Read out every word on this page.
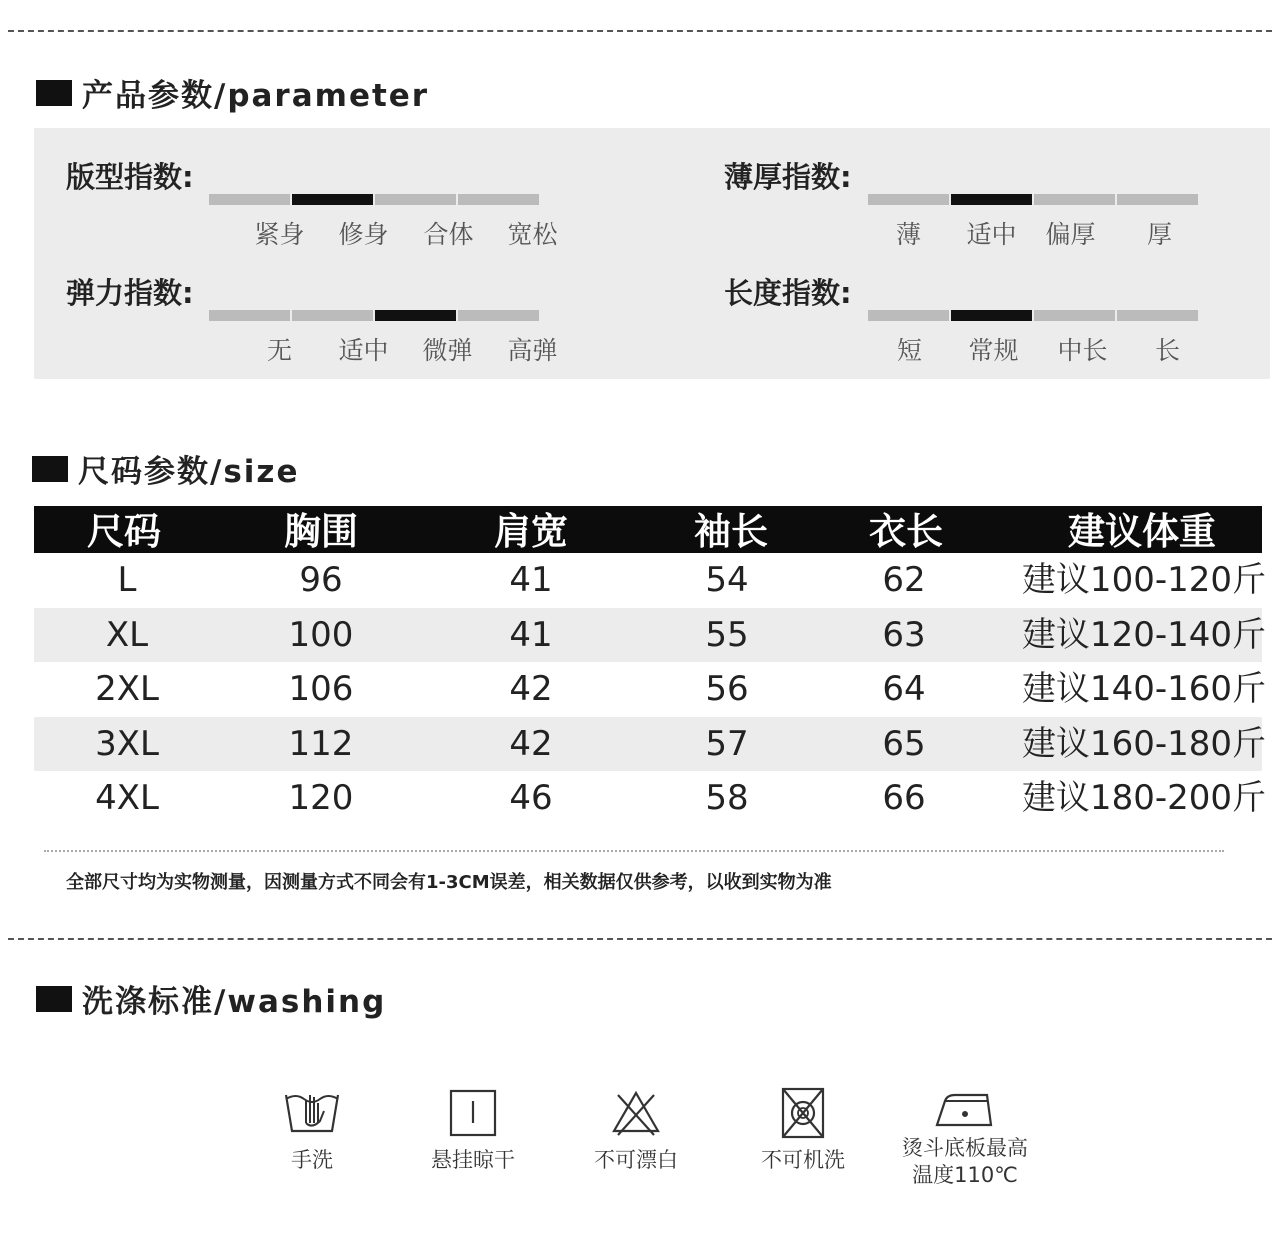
产品参数/parameter
版型指数:
紧身	修身	合体	宽松
薄厚指数:
薄	适中	偏厚	厚
弹力指数:
无	适中	微弹	高弹
长度指数:
短	常规	中长	长
尺码参数/size
尺码	胸围	肩宽	袖长	衣长	建议体重
L	96	41	54	62	建议100-120斤
XL	100	41	55	63	建议120-140斤
2XL	106	42	56	64	建议140-160斤
3XL	112	42	57	65	建议160-180斤
4XL	120	46	58	66	建议180-200斤
全部尺寸均为实物测量，因测量方式不同会有1-3CM误差，相关数据仅供参考，以收到实物为准
洗涤标准/washing
手洗	悬挂晾干	不可漂白	不可机洗	烫斗底板最高
温度110℃
